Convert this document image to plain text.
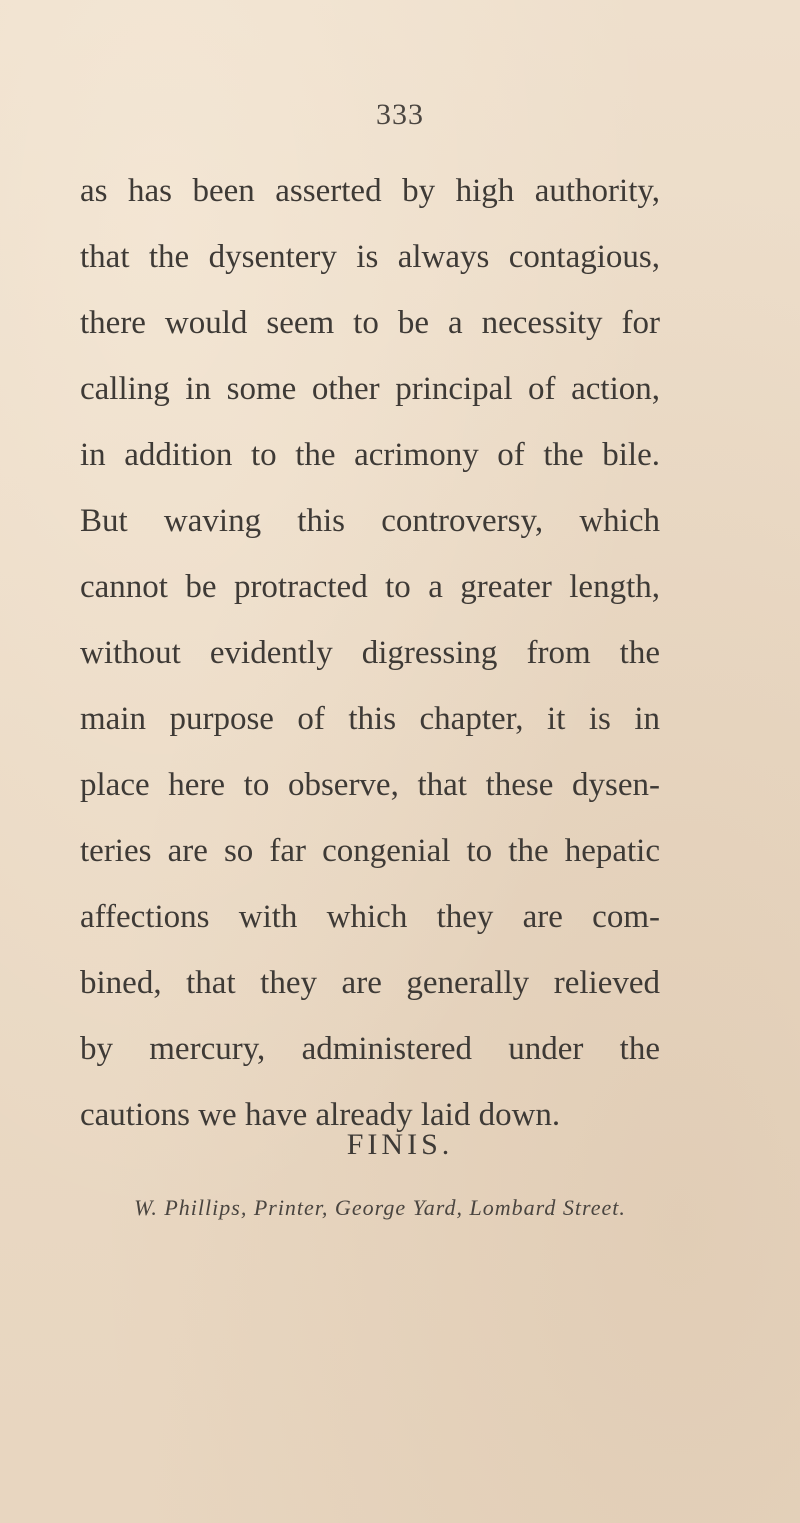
333
as has been asserted by high authority,
that the dysentery is always contagious,
there would seem to be a necessity for
calling in some other principal of action,
in addition to the acrimony of the bile.
But waving this controversy, which
cannot be protracted to a greater length,
without evidently digressing from the
main purpose of this chapter, it is in
place here to observe, that these dysen-
teries are so far congenial to the hepatic
affections with which they are com-
bined, that they are generally relieved
by mercury, administered under the
cautions we have already laid down.
FINIS.
W. Phillips, Printer, George Yard, Lombard Street.
